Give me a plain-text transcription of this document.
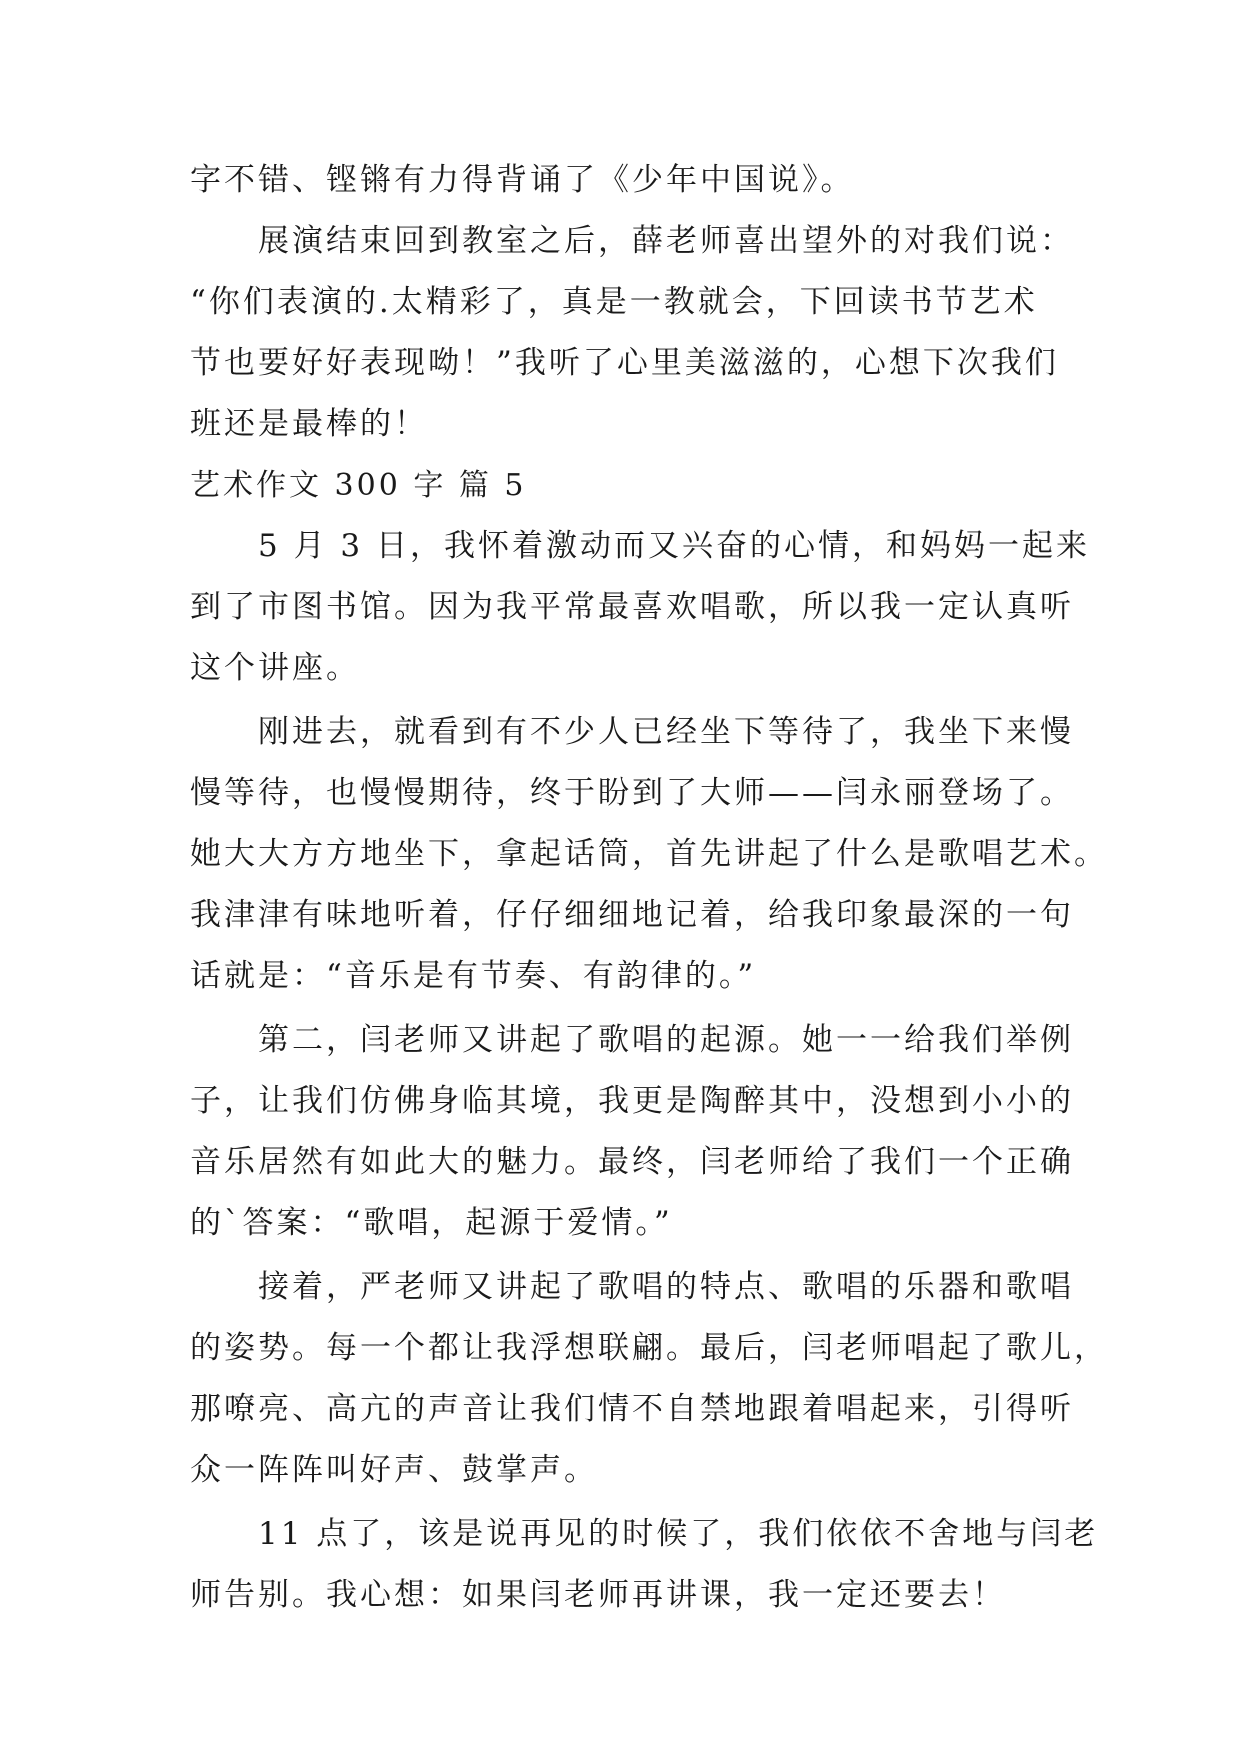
字不错、铿锵有力得背诵了《少年中国说》。
展演结束回到教室之后，薛老师喜出望外的对我们说：
“你们表演的.太精彩了，真是一教就会，下回读书节艺术
节也要好好表现呦！”我听了心里美滋滋的，心想下次我们
班还是最棒的！
艺术作文 300 字 篇 5
5 月 3 日，我怀着激动而又兴奋的心情，和妈妈一起来
到了市图书馆。因为我平常最喜欢唱歌，所以我一定认真听
这个讲座。
刚进去，就看到有不少人已经坐下等待了，我坐下来慢
慢等待，也慢慢期待，终于盼到了大师——闫永丽登场了。
她大大方方地坐下，拿起话筒，首先讲起了什么是歌唱艺术。
我津津有味地听着，仔仔细细地记着，给我印象最深的一句
话就是：“音乐是有节奏、有韵律的。”
第二，闫老师又讲起了歌唱的起源。她一一给我们举例
子，让我们仿佛身临其境，我更是陶醉其中，没想到小小的
音乐居然有如此大的魅力。最终，闫老师给了我们一个正确
的`答案：“歌唱，起源于爱情。”
接着，严老师又讲起了歌唱的特点、歌唱的乐器和歌唱
的姿势。每一个都让我浮想联翩。最后，闫老师唱起了歌儿，
那嘹亮、高亢的声音让我们情不自禁地跟着唱起来，引得听
众一阵阵叫好声、鼓掌声。
11 点了，该是说再见的时候了，我们依依不舍地与闫老
师告别。我心想：如果闫老师再讲课，我一定还要去！
